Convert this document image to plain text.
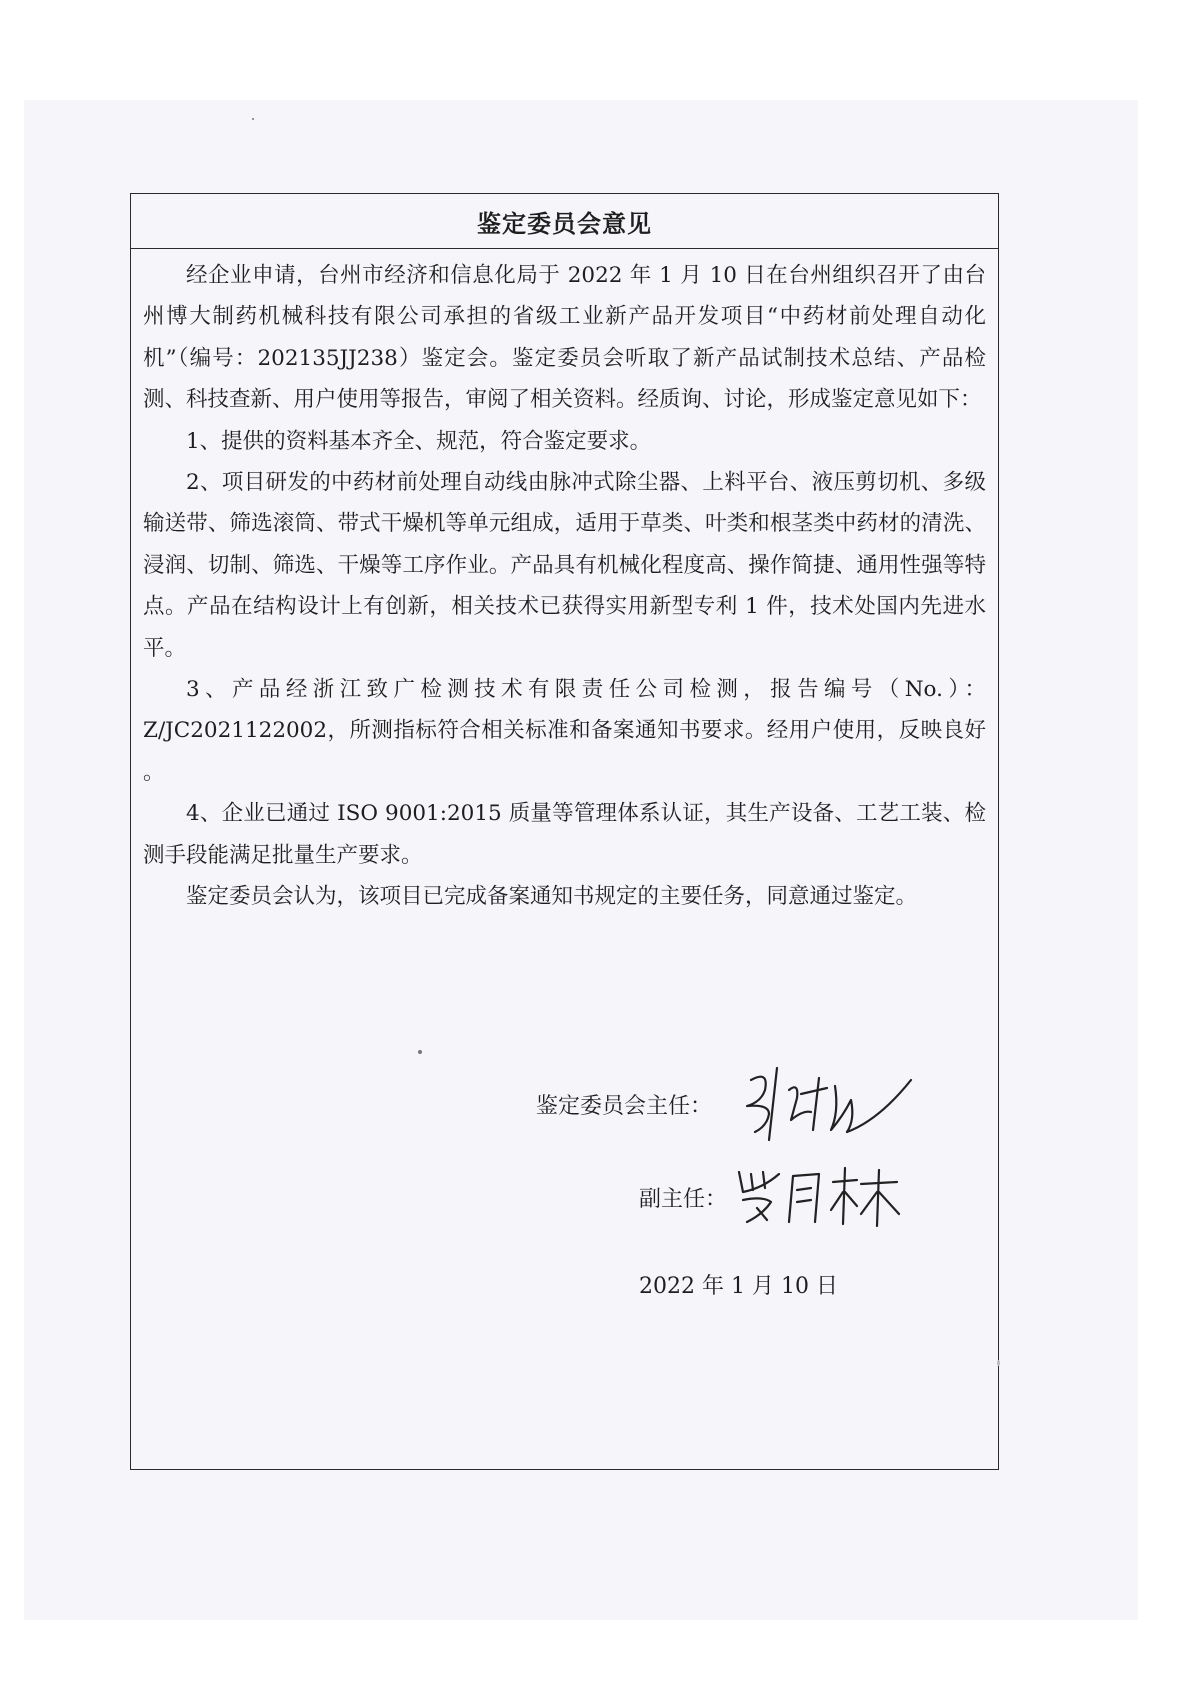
鉴定委员会意见

经企业申请，台州市经济和信息化局于 2022 年 1 月 10 日在台州组织召开了由台州博大制药机械科技有限公司承担的省级工业新产品开发项目“中药材前处理自动化机”（编号：202135JJ238）鉴定会。鉴定委员会听取了新产品试制技术总结、产品检测、科技查新、用户使用等报告，审阅了相关资料。经质询、讨论，形成鉴定意见如下：

1、提供的资料基本齐全、规范，符合鉴定要求。

2、项目研发的中药材前处理自动线由脉冲式除尘器、上料平台、液压剪切机、多级输送带、筛选滚筒、带式干燥机等单元组成，适用于草类、叶类和根茎类中药材的清洗、浸润、切制、筛选、干燥等工序作业。产品具有机械化程度高、操作简捷、通用性强等特点。产品在结构设计上有创新，相关技术已获得实用新型专利 1 件，技术处国内先进水平。

3、产品经浙江致广检测技术有限责任公司检测，报告编号（No.）：Z/JC2021122002，所测指标符合相关标准和备案通知书要求。经用户使用，反映良好 。

4、企业已通过 ISO 9001:2015 质量等管理体系认证，其生产设备、工艺工装、检测手段能满足批量生产要求。

鉴定委员会认为，该项目已完成备案通知书规定的主要任务，同意通过鉴定。

鉴定委员会主任：
副主任：
2022 年 1 月 10 日
